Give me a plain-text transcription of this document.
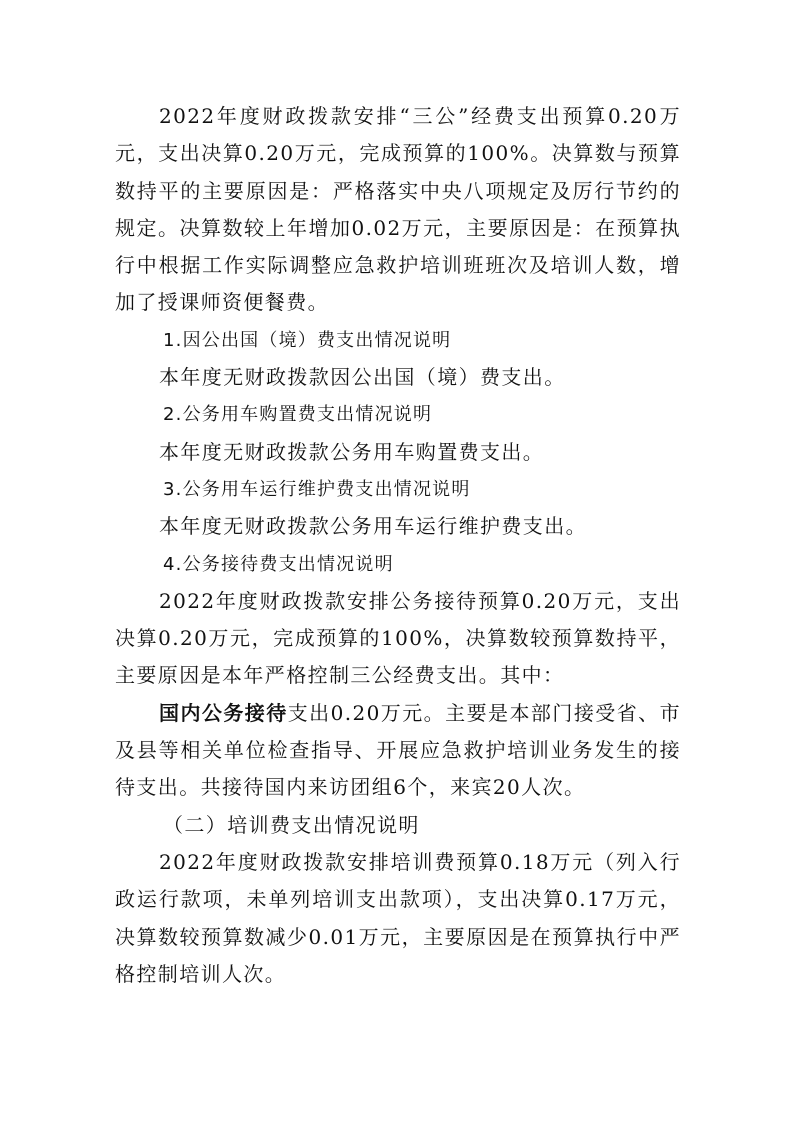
2022年度财政拨款安排“三公”经费支出预算0.20万元，支出决算0.20万元，完成预算的100%。决算数与预算数持平的主要原因是：严格落实中央八项规定及厉行节约的规定。决算数较上年增加0.02万元，主要原因是：在预算执行中根据工作实际调整应急救护培训班班次及培训人数，增加了授课师资便餐费。

1.因公出国（境）费支出情况说明

本年度无财政拨款因公出国（境）费支出。

2.公务用车购置费支出情况说明

本年度无财政拨款公务用车购置费支出。

3.公务用车运行维护费支出情况说明

本年度无财政拨款公务用车运行维护费支出。

4.公务接待费支出情况说明

2022年度财政拨款安排公务接待预算0.20万元，支出决算0.20万元，完成预算的100%，决算数较预算数持平，主要原因是本年严格控制三公经费支出。其中：

国内公务接待支出0.20万元。主要是本部门接受省、市及县等相关单位检查指导、开展应急救护培训业务发生的接待支出。共接待国内来访团组6个，来宾20人次。

（二）培训费支出情况说明

2022年度财政拨款安排培训费预算0.18万元（列入行政运行款项，未单列培训支出款项），支出决算0.17万元，决算数较预算数减少0.01万元，主要原因是在预算执行中严格控制培训人次。
